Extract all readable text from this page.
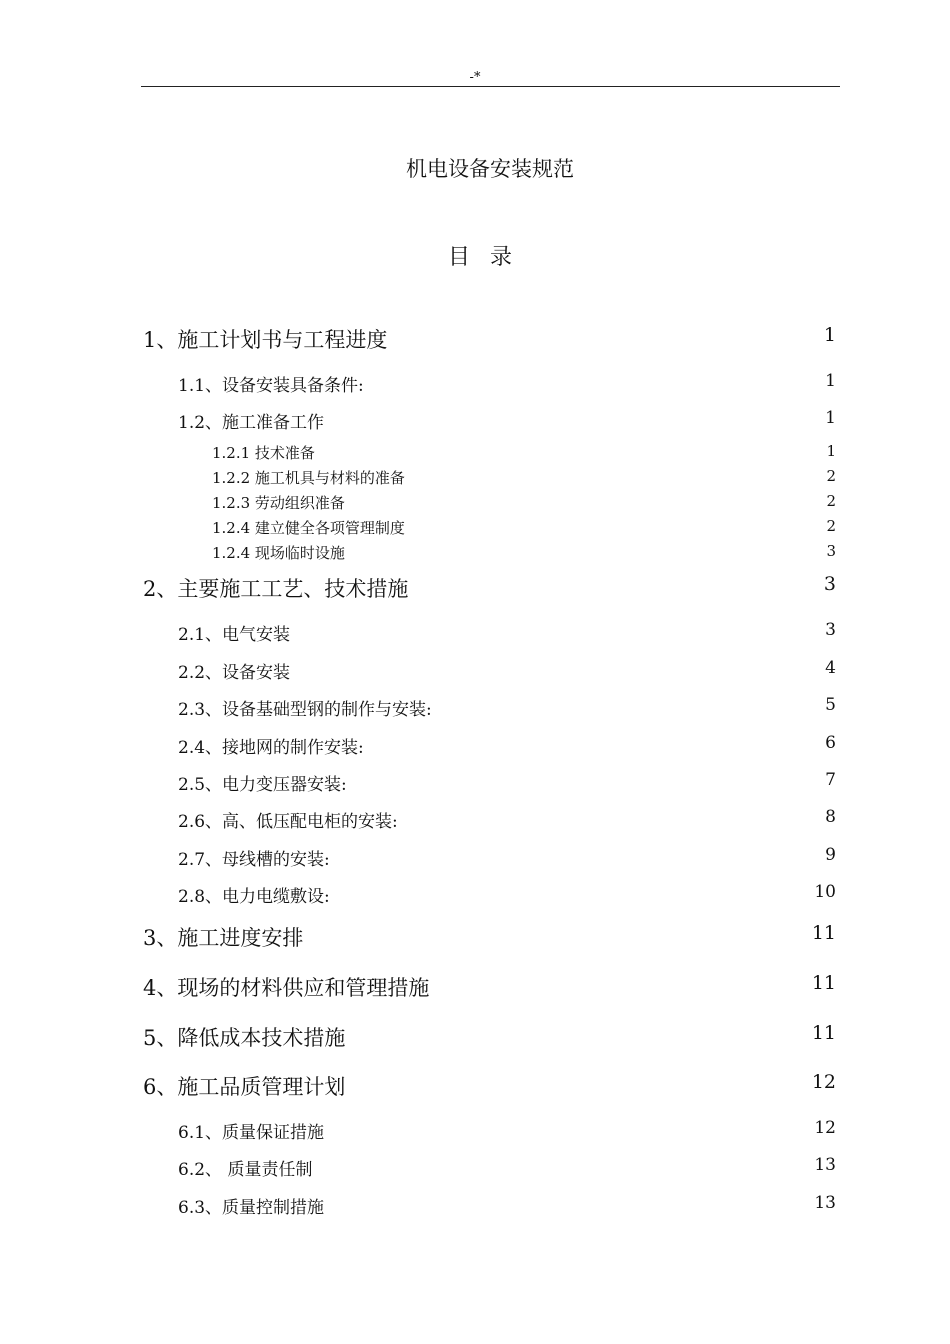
-*
机电设备安装规范
目录
1、施工计划书与工程进度	1
1.1、设备安装具备条件:	1
1.2、施工准备工作	1
1.2.1 技术准备	1
1.2.2 施工机具与材料的准备	2
1.2.3 劳动组织准备	2
1.2.4 建立健全各项管理制度	2
1.2.4 现场临时设施	3
2、主要施工工艺、技术措施	3
2.1、电气安装	3
2.2、设备安装	4
2.3、设备基础型钢的制作与安装:	5
2.4、接地网的制作安装:	6
2.5、电力变压器安装:	7
2.6、高、低压配电柜的安装:	8
2.7、母线槽的安装:	9
2.8、电力电缆敷设:	10
3、施工进度安排	11
4、现场的材料供应和管理措施	11
5、降低成本技术措施	11
6、施工品质管理计划	12
6.1、质量保证措施	12
6.2、 质量责任制	13
6.3、质量控制措施	13
